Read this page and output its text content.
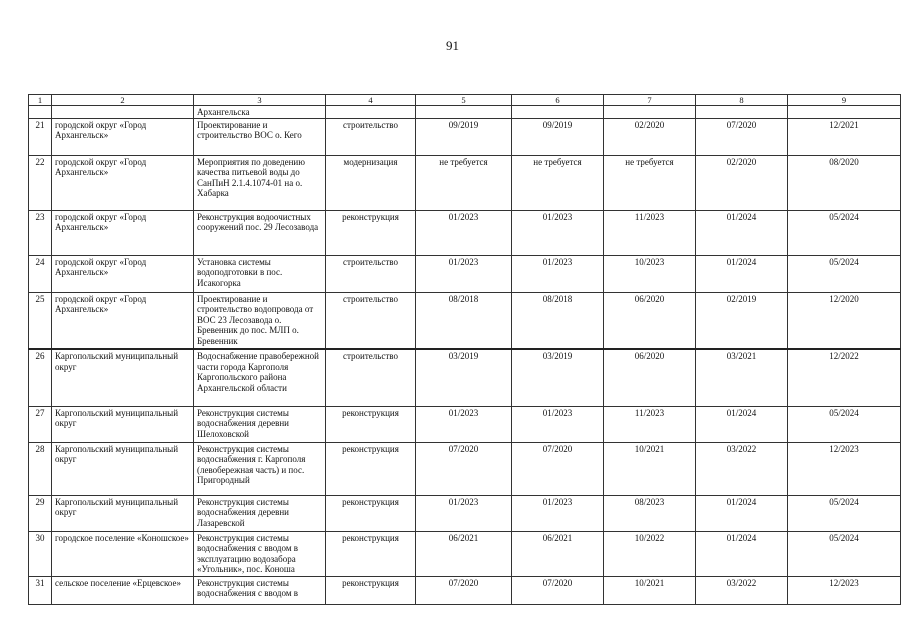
91
1	2	3	4	5	6	7	8	9
		Архангельска						
21	городской округ «Город Архангельск»	Проектирование и строительство ВОС о. Кего	строительство	09/2019	09/2019	02/2020	07/2020	12/2021
22	городской округ «Город Архангельск»	Мероприятия по доведению качества питьевой воды до СанПиН 2.1.4.1074-01 на о. Хабарка	модернизация	не требуется	не требуется	не требуется	02/2020	08/2020
23	городской округ «Город Архангельск»	Реконструкция водоочистных сооружений пос. 29 Лесозавода	реконструкция	01/2023	01/2023	11/2023	01/2024	05/2024
24	городской округ «Город Архангельск»	Установка системы водоподготовки в пос. Исакогорка	строительство	01/2023	01/2023	10/2023	01/2024	05/2024
25	городской округ «Город Архангельск»	Проектирование и строительство водопровода от ВОС 23 Лесозавода о. Бревенник до пос. МЛП о. Бревенник	строительство	08/2018	08/2018	06/2020	02/2019	12/2020
26	Каргопольский муниципальный округ	Водоснабжение правобережной части города Каргополя Каргопольского района Архангельской области	строительство	03/2019	03/2019	06/2020	03/2021	12/2022
27	Каргопольский муниципальный округ	Реконструкция системы водоснабжения деревни Шелоховской	реконструкция	01/2023	01/2023	11/2023	01/2024	05/2024
28	Каргопольский муниципальный округ	Реконструкция системы водоснабжения г. Каргополя (левобережная часть) и пос. Пригородный	реконструкция	07/2020	07/2020	10/2021	03/2022	12/2023
29	Каргопольский муниципальный округ	Реконструкция системы водоснабжения деревни Лазаревской	реконструкция	01/2023	01/2023	08/2023	01/2024	05/2024
30	городское поселение «Коношское»	Реконструкция системы водоснабжения с вводом в эксплуатацию водозабора «Угольник», пос. Коноша	реконструкция	06/2021	06/2021	10/2022	01/2024	05/2024
31	сельское поселение «Ерцевское»	Реконструкция системы водоснабжения с вводом в	реконструкция	07/2020	07/2020	10/2021	03/2022	12/2023
